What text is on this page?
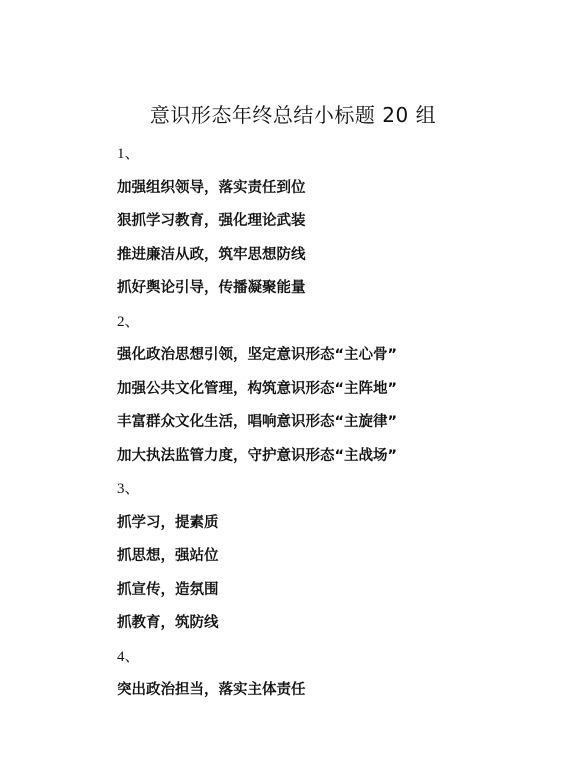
意识形态年终总结小标题 20 组
1、
加强组织领导，落实责任到位
狠抓学习教育，强化理论武装
推进廉洁从政，筑牢思想防线
抓好舆论引导，传播凝聚能量
2、
强化政治思想引领，坚定意识形态“主心骨”
加强公共文化管理，构筑意识形态“主阵地”
丰富群众文化生活，唱响意识形态“主旋律”
加大执法监管力度，守护意识形态“主战场”
3、
抓学习，提素质
抓思想，强站位
抓宣传，造氛围
抓教育，筑防线
4、
突出政治担当，落实主体责任
